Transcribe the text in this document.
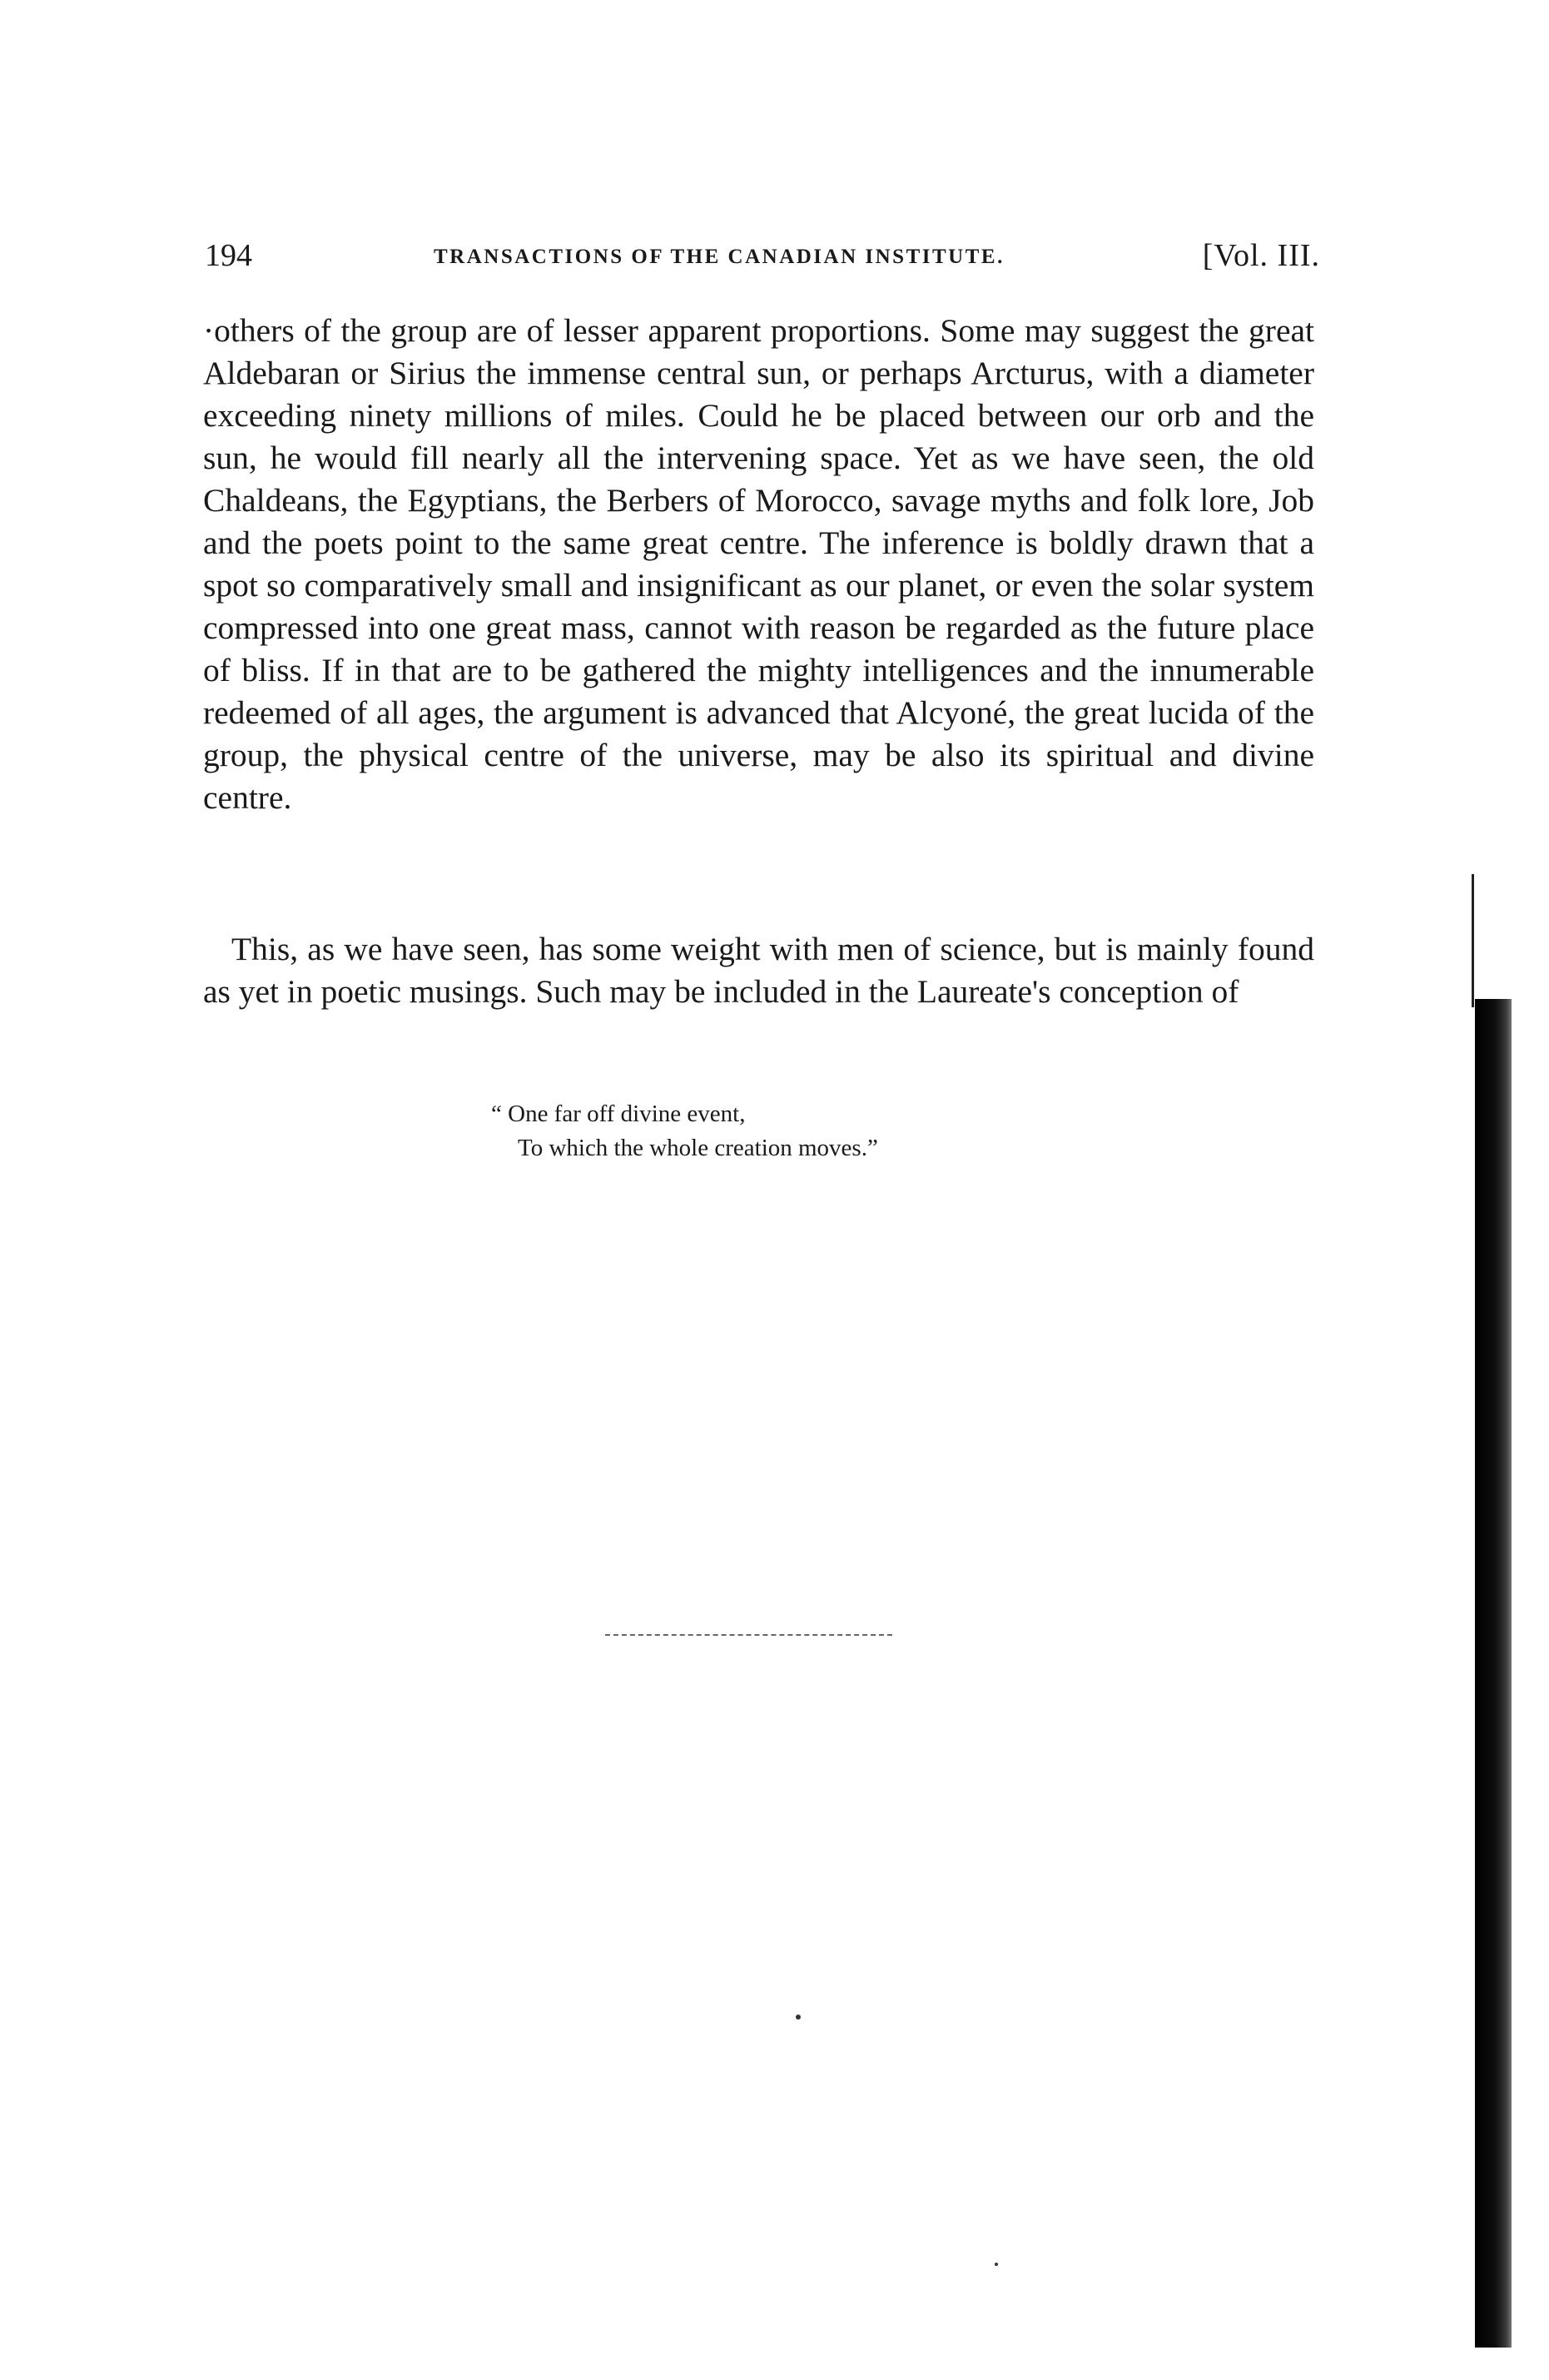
194	TRANSACTIONS OF THE CANADIAN INSTITUTE.	[Vol. III.

·others of the group are of lesser apparent proportions. Some may suggest the great Aldebaran or Sirius the immense central sun, or perhaps Arcturus, with a diameter exceeding ninety millions of miles. Could he be placed between our orb and the sun, he would fill nearly all the intervening space. Yet as we have seen, the old Chaldeans, the Egyptians, the Berbers of Morocco, savage myths and folk lore, Job and the poets point to the same great centre. The inference is boldly drawn that a spot so comparatively small and insignificant as our planet, or even the solar system compressed into one great mass, cannot with reason be regarded as the future place of bliss. If in that are to be gathered the mighty intelligences and the innumerable redeemed of all ages, the argument is advanced that Alcyoné, the great lucida of the group, the physical centre of the universe, may be also its spiritual and divine centre.

This, as we have seen, has some weight with men of science, but is mainly found as yet in poetic musings. Such may be included in the Laureate's conception of

“ One far off divine event,
To which the whole creation moves.”
